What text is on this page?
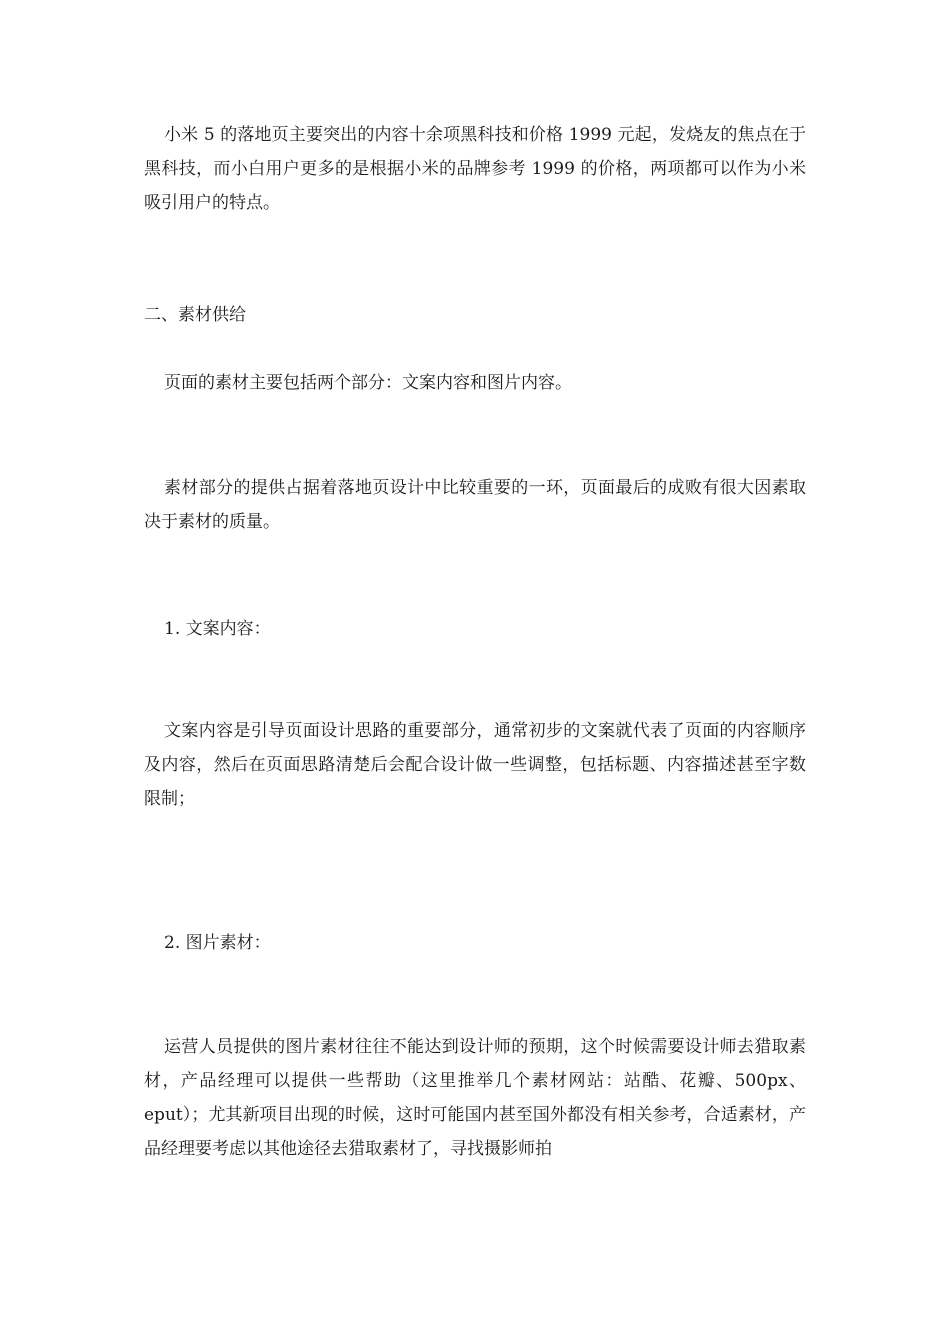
小米 5 的落地页主要突出的内容十余项黑科技和价格 1999 元起，发烧友的焦点在于黑科技，而小白用户更多的是根据小米的品牌参考 1999 的价格，两项都可以作为小米吸引用户的特点。

二、素材供给

页面的素材主要包括两个部分：文案内容和图片内容。

素材部分的提供占据着落地页设计中比较重要的一环，页面最后的成败有很大因素取决于素材的质量。

1. 文案内容：

文案内容是引导页面设计思路的重要部分，通常初步的文案就代表了页面的内容顺序及内容，然后在页面思路清楚后会配合设计做一些调整，包括标题、内容描述甚至字数限制；

2. 图片素材：

运营人员提供的图片素材往往不能达到设计师的预期，这个时候需要设计师去猎取素材，产品经理可以提供一些帮助（这里推举几个素材网站：站酷、花瓣、500px、eput）；尤其新项目出现的时候，这时可能国内甚至国外都没有相关参考，合适素材，产品经理要考虑以其他途径去猎取素材了，寻找摄影师拍
